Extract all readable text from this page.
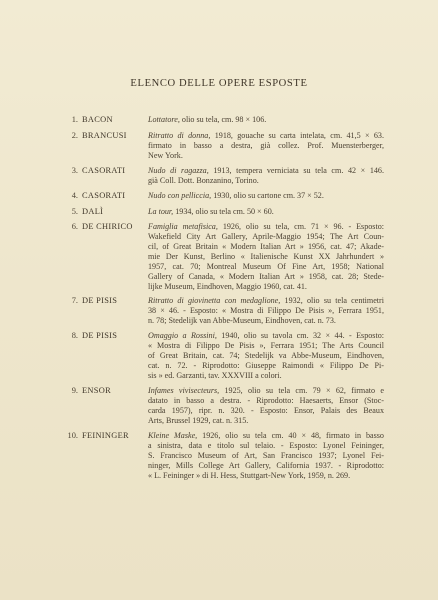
ELENCO DELLE OPERE ESPOSTE
1. BACON	Lottatore, olio su tela, cm. 98 × 106.
2. BRANCUSI	Ritratto di donna, 1918, gouache su carta intelata, cm. 41,5 × 63.
firmato in basso a destra, già collez. Prof. Muensterberger,
New York.
3. CASORATI	Nudo di ragazza, 1913, tempera verniciata su tela cm. 42 × 146.
già Coll. Dott. Bonzanino, Torino.
4. CASORATI	Nudo con pelliccia, 1930, olio su cartone cm. 37 × 52.
5. DALÌ	La tour, 1934, olio su tela cm. 50 × 60.
6. DE CHIRICO	Famiglia metafisica, 1926, olio su tela, cm. 71 × 96. - Esposto:
Wakefield City Art Gallery, Aprile-Maggio 1954; The Art Coun-
cil, of Great Britain « Modern Italian Art » 1956, cat. 47; Akade-
mie Der Kunst, Berlino « Italienische Kunst XX Jahrhundert »
1957, cat. 70; Montreal Museum Of Fine Art, 1958; National
Gallery of Canada, « Modern Italian Art » 1958, cat. 28; Stede-
lijke Museum, Eindhoven, Maggio 1960, cat. 41.
7. DE PISIS	Ritratto di giovinetta con medaglione, 1932, olio su tela centimetri
38 × 46. - Esposto: « Mostra di Filippo De Pisis », Ferrara 1951,
n. 78; Stedelijk van Abbe-Museum, Eindhoven, cat. n. 73.
8. DE PISIS	Omaggio a Rossini, 1940, olio su tavola cm. 32 × 44. - Esposto:
« Mostra di Filippo De Pisis », Ferrara 1951; The Arts Council
of Great Britain, cat. 74; Stedelijk va Abbe-Museum, Eindhoven,
cat. n. 72. - Riprodotto: Giuseppe Raimondi « Filippo De Pi-
sis » ed. Garzanti, tav. XXXVIII a colori.
9. ENSOR	Infames vivisecteurs, 1925, olio su tela cm. 79 × 62, firmato e
datato in basso a destra. - Riprodotto: Haesaerts, Ensor (Stoc-
carda 1957), ripr. n. 320. - Esposto: Ensor, Palais des Beaux
Arts, Brussel 1929, cat. n. 315.
10. FEININGER	Kleine Maske, 1926, olio su tela cm. 40 × 48, firmato in basso
a sinistra, data e titolo sul telaio. - Esposto: Lyonel Feininger,
S. Francisco Museum of Art, San Francisco 1937; Lyonel Fei-
ninger, Mills College Art Gallery, California 1937. - Riprodotto:
« L. Feininger » di H. Hess, Stuttgart-New York, 1959, n. 269.
